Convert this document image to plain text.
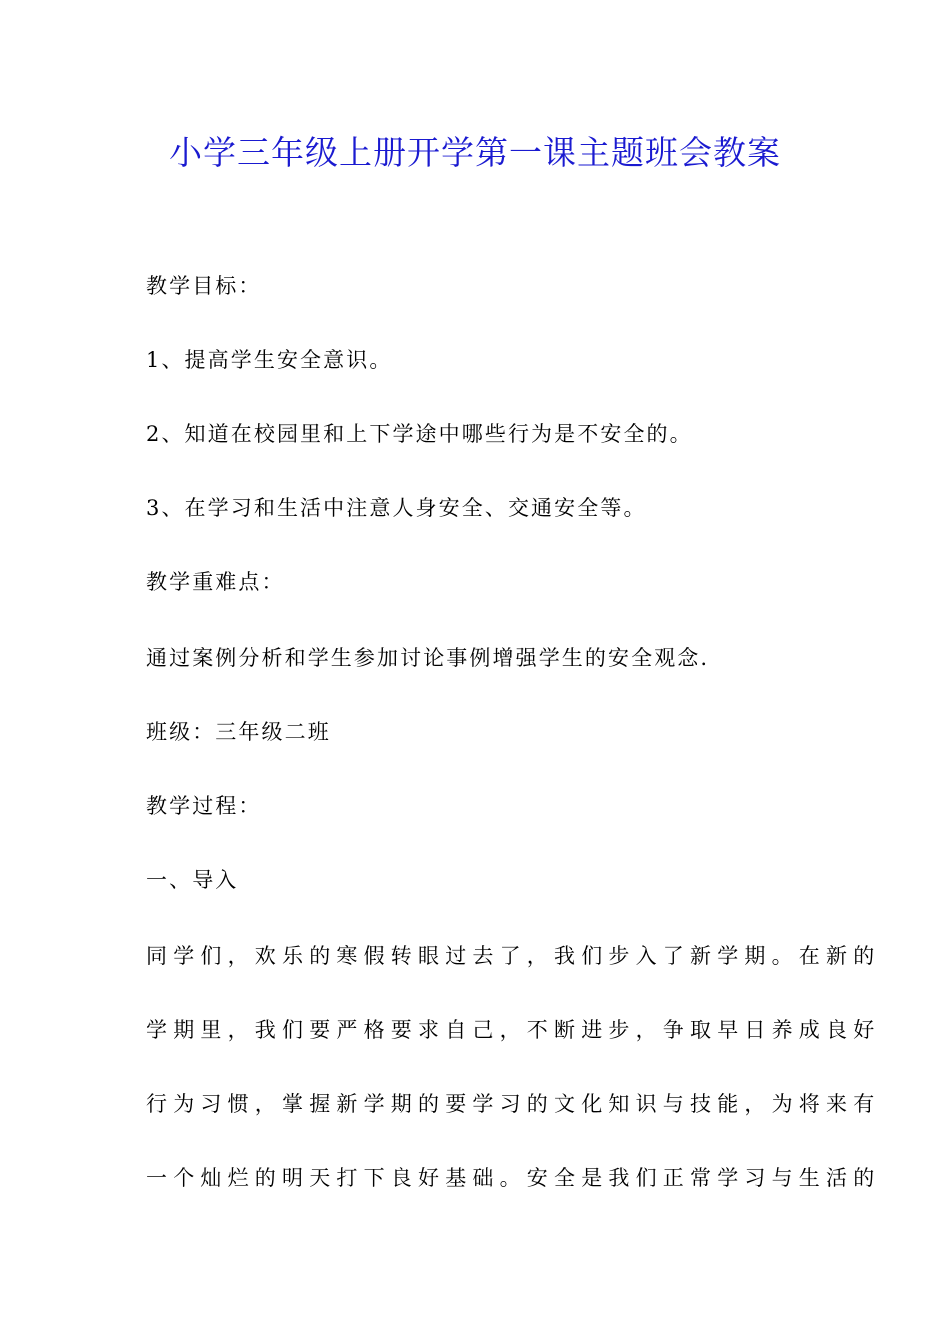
小学三年级上册开学第一课主题班会教案
教学目标：
1、提高学生安全意识。
2、知道在校园里和上下学途中哪些行为是不安全的。
3、在学习和生活中注意人身安全、交通安全等。
教学重难点：
通过案例分析和学生参加讨论事例增强学生的安全观念.
班级：三年级二班
教学过程：
一、导入
同学们，欢乐的寒假转眼过去了，我们步入了新学期。在新的
学期里，我们要严格要求自己，不断进步，争取早日养成良好
行为习惯，掌握新学期的要学习的文化知识与技能，为将来有
一个灿烂的明天打下良好基础。安全是我们正常学习与生活的
